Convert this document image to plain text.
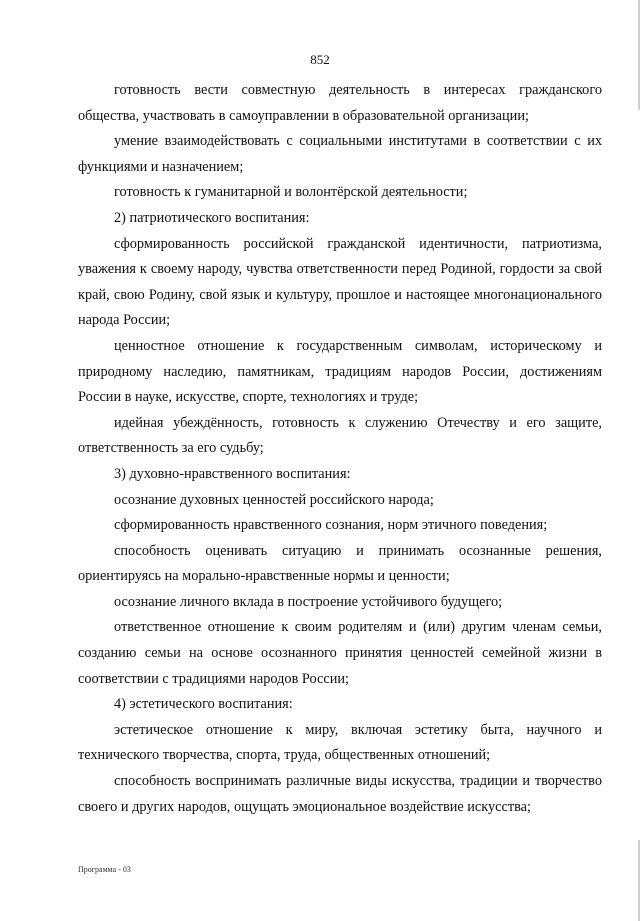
852

готовность вести совместную деятельность в интересах гражданского общества, участвовать в самоуправлении в образовательной организации;

умение взаимодействовать с социальными институтами в соответствии с их функциями и назначением;

готовность к гуманитарной и волонтёрской деятельности;

2) патриотического воспитания:

сформированность российской гражданской идентичности, патриотизма, уважения к своему народу, чувства ответственности перед Родиной, гордости за свой край, свою Родину, свой язык и культуру, прошлое и настоящее многонационального народа России;

ценностное отношение к государственным символам, историческому и природному наследию, памятникам, традициям народов России, достижениям России в науке, искусстве, спорте, технологиях и труде;

идейная убеждённость, готовность к служению Отечеству и его защите, ответственность за его судьбу;

3) духовно-нравственного воспитания:

осознание духовных ценностей российского народа;

сформированность нравственного сознания, норм этичного поведения;

способность оценивать ситуацию и принимать осознанные решения, ориентируясь на морально-нравственные нормы и ценности;

осознание личного вклада в построение устойчивого будущего;

ответственное отношение к своим родителям и (или) другим членам семьи, созданию семьи на основе осознанного принятия ценностей семейной жизни в соответствии с традициями народов России;

4) эстетического воспитания:

эстетическое отношение к миру, включая эстетику быта, научного и технического творчества, спорта, труда, общественных отношений;

способность воспринимать различные виды искусства, традиции и творчество своего и других народов, ощущать эмоциональное воздействие искусства;

Программа - 03
